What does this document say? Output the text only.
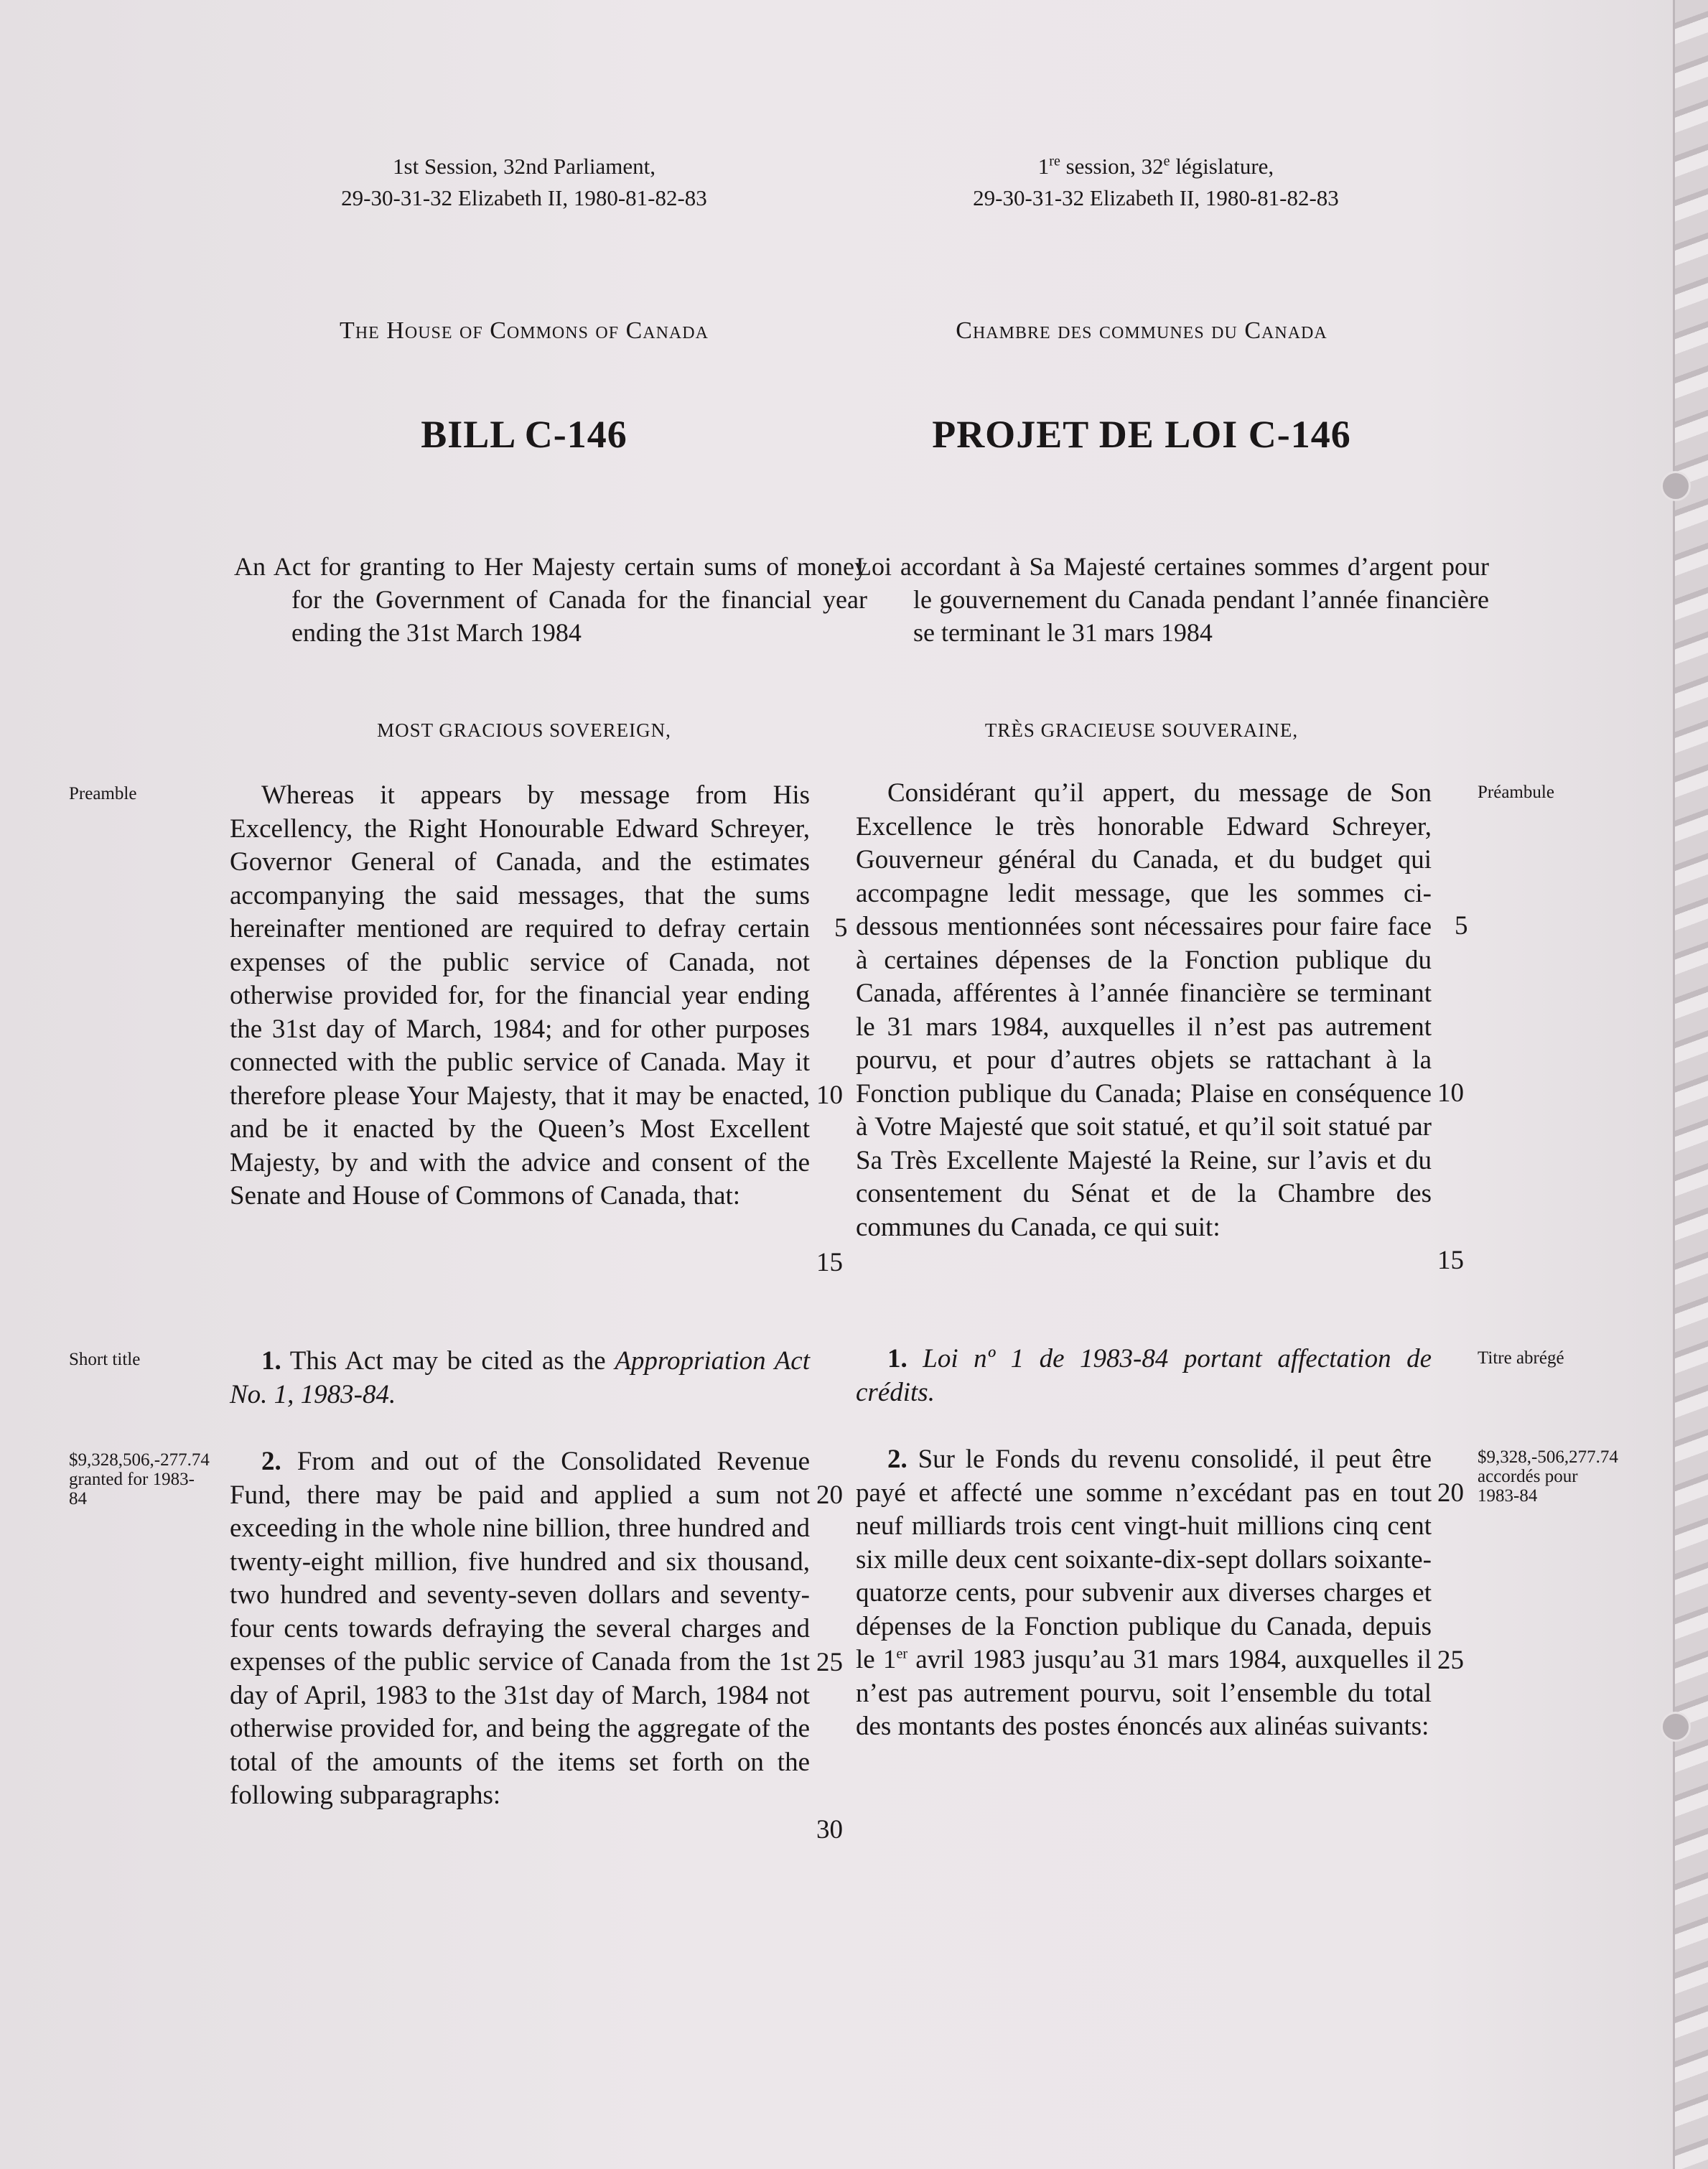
1st Session, 32nd Parliament,
29-30-31-32 Elizabeth II, 1980-81-82-83
1re session, 32e législature,
29-30-31-32 Elizabeth II, 1980-81-82-83
The House of Commons of Canada	Chambre des communes du Canada
BILL C-146	PROJET DE LOI C-146
An Act for granting to Her Majesty certain sums of money for the Government of Canada for the financial year ending the 31st March 1984
Loi accordant à Sa Majesté certaines sommes d’argent pour le gouvernement du Canada pendant l’année financière se terminant le 31 mars 1984
MOST GRACIOUS SOVEREIGN,	TRÈS GRACIEUSE SOUVERAINE,

Whereas it appears by message from His Excellency, the Right Honourable Edward Schreyer, Governor General of Canada, and the estimates accompanying the said messages, that the sums hereinafter mentioned are required to defray certain expenses of the public service of Canada, not otherwise provided for, for the financial year ending the 31st day of March, 1984; and for other purposes connected with the public service of Canada. May it therefore please Your Majesty, that it may be enacted, and be it enacted by the Queen’s Most Excellent Majesty, by and with the advice and consent of the Senate and House of Commons of Canada, that:

Considérant qu’il appert, du message de Son Excellence le très honorable Edward Schreyer, Gouverneur général du Canada, et du budget qui accompagne ledit message, que les sommes ci-dessous mentionnées sont nécessaires pour faire face à certaines dépenses de la Fonction publique du Canada, afférentes à l’année financière se terminant le 31 mars 1984, auxquelles il n’est pas autrement pourvu, et pour d’autres objets se rattachant à la Fonction publique du Canada; Plaise en conséquence à Votre Majesté que soit statué, et qu’il soit statué par Sa Très Excellente Majesté la Reine, sur l’avis et du consentement du Sénat et de la Chambre des communes du Canada, ce qui suit:

1. This Act may be cited as the Appropriation Act No. 1, 1983-84.

1. Loi nº 1 de 1983-84 portant affectation de crédits.

2. From and out of the Consolidated Revenue Fund, there may be paid and applied a sum not exceeding in the whole nine billion, three hundred and twenty-eight million, five hundred and six thousand, two hundred and seventy-seven dollars and seventy-four cents towards defraying the several charges and expenses of the public service of Canada from the 1st day of April, 1983 to the 31st day of March, 1984 not otherwise provided for, and being the aggregate of the total of the amounts of the items set forth on the following subparagraphs:

2. Sur le Fonds du revenu consolidé, il peut être payé et affecté une somme n’excédant pas en tout neuf milliards trois cent vingt-huit millions cinq cent six mille deux cent soixante-dix-sept dollars soixante-quatorze cents, pour subvenir aux diverses charges et dépenses de la Fonction publique du Canada, depuis le 1er avril 1983 jusqu’au 31 mars 1984, auxquelles il n’est pas autrement pourvu, soit l’ensemble du total des montants des postes énoncés aux alinéas suivants:

Preamble
Short title
$9,328,506,-277.74 granted for 1983-84
Préambule
Titre abrégé
$9,328,-506,277.74 accordés pour 1983-84
5
10
15
20
25
30
5
10
15
20
25
